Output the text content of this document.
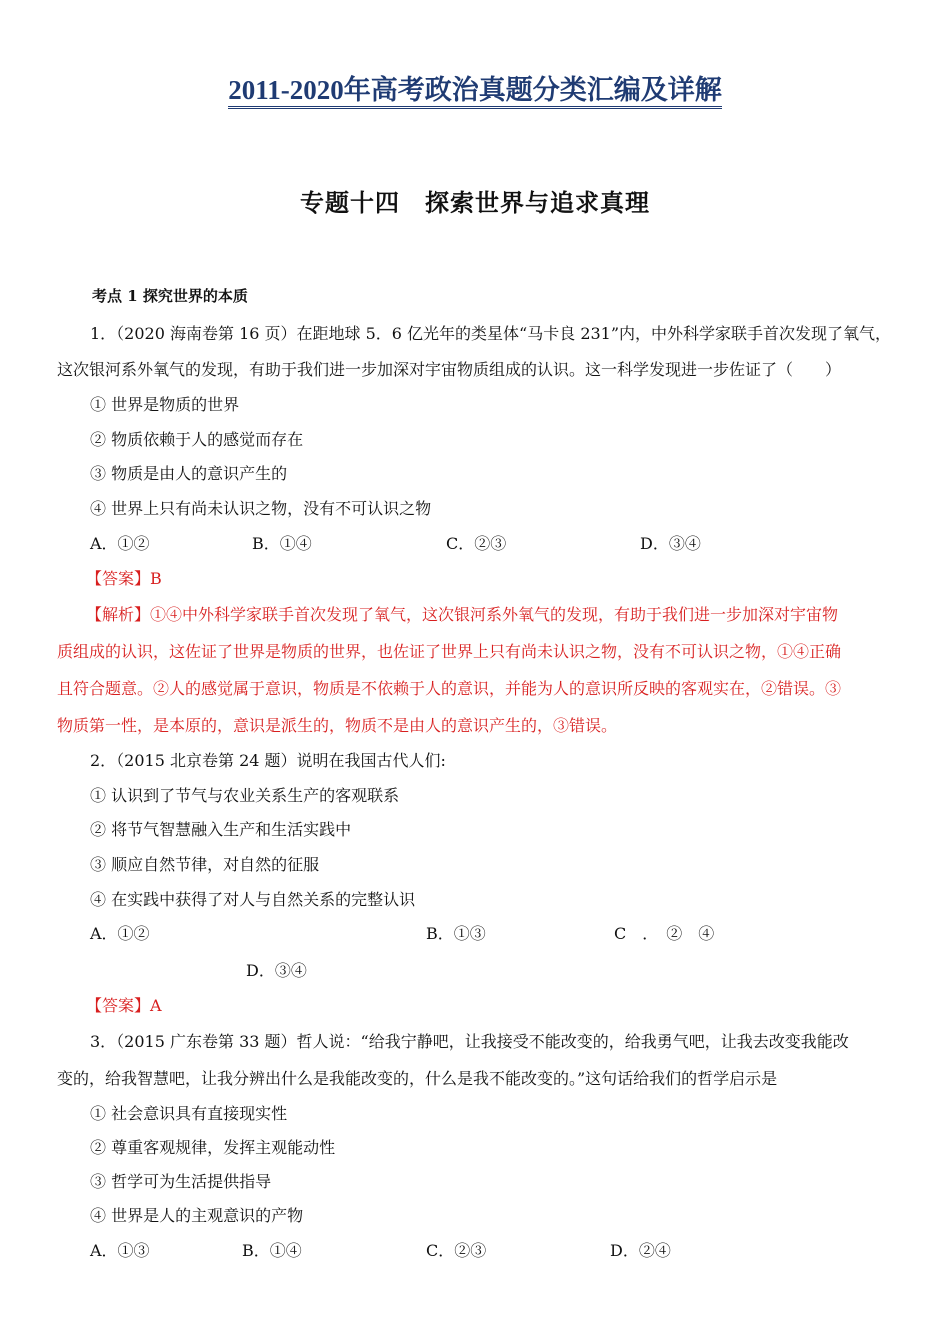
2011-2020年高考政治真题分类汇编及详解
专题十四　探索世界与追求真理
考点 1 探究世界的本质
1．（2020 海南卷第 16 页）在距地球 5．6 亿光年的类星体“马卡良 231”内，中外科学家联手首次发现了氧气，
这次银河系外氧气的发现，有助于我们进一步加深对宇宙物质组成的认识。这一科学发现进一步佐证了（　　）
① 世界是物质的世界
② 物质依赖于人的感觉而存在
③ 物质是由人的意识产生的
④ 世界上只有尚未认识之物，没有不可认识之物
A．①②	B．①④	C．②③	D．③④
【答案】B
【解析】①④中外科学家联手首次发现了氧气，这次银河系外氧气的发现，有助于我们进一步加深对宇宙物
质组成的认识，这佐证了世界是物质的世界，也佐证了世界上只有尚未认识之物，没有不可认识之物，①④正确
且符合题意。②人的感觉属于意识，物质是不依赖于人的意识，并能为人的意识所反映的客观实在，②错误。③
物质第一性，是本原的，意识是派生的，物质不是由人的意识产生的，③错误。
2．（2015 北京卷第 24 题）说明在我国古代人们:
① 认识到了节气与农业关系生产的客观联系
② 将节气智慧融入生产和生活实践中
③ 顺应自然节律，对自然的征服
④ 在实践中获得了对人与自然关系的完整认识
A．①②	B．①③	C　．　②　④
D．③④
【答案】A
3．（2015 广东卷第 33 题）哲人说：“给我宁静吧，让我接受不能改变的，给我勇气吧，让我去改变我能改
变的，给我智慧吧，让我分辨出什么是我能改变的，什么是我不能改变的。”这句话给我们的哲学启示是
① 社会意识具有直接现实性
② 尊重客观规律，发挥主观能动性
③ 哲学可为生活提供指导
④ 世界是人的主观意识的产物
A．①③	B．①④	C．②③	D．②④
